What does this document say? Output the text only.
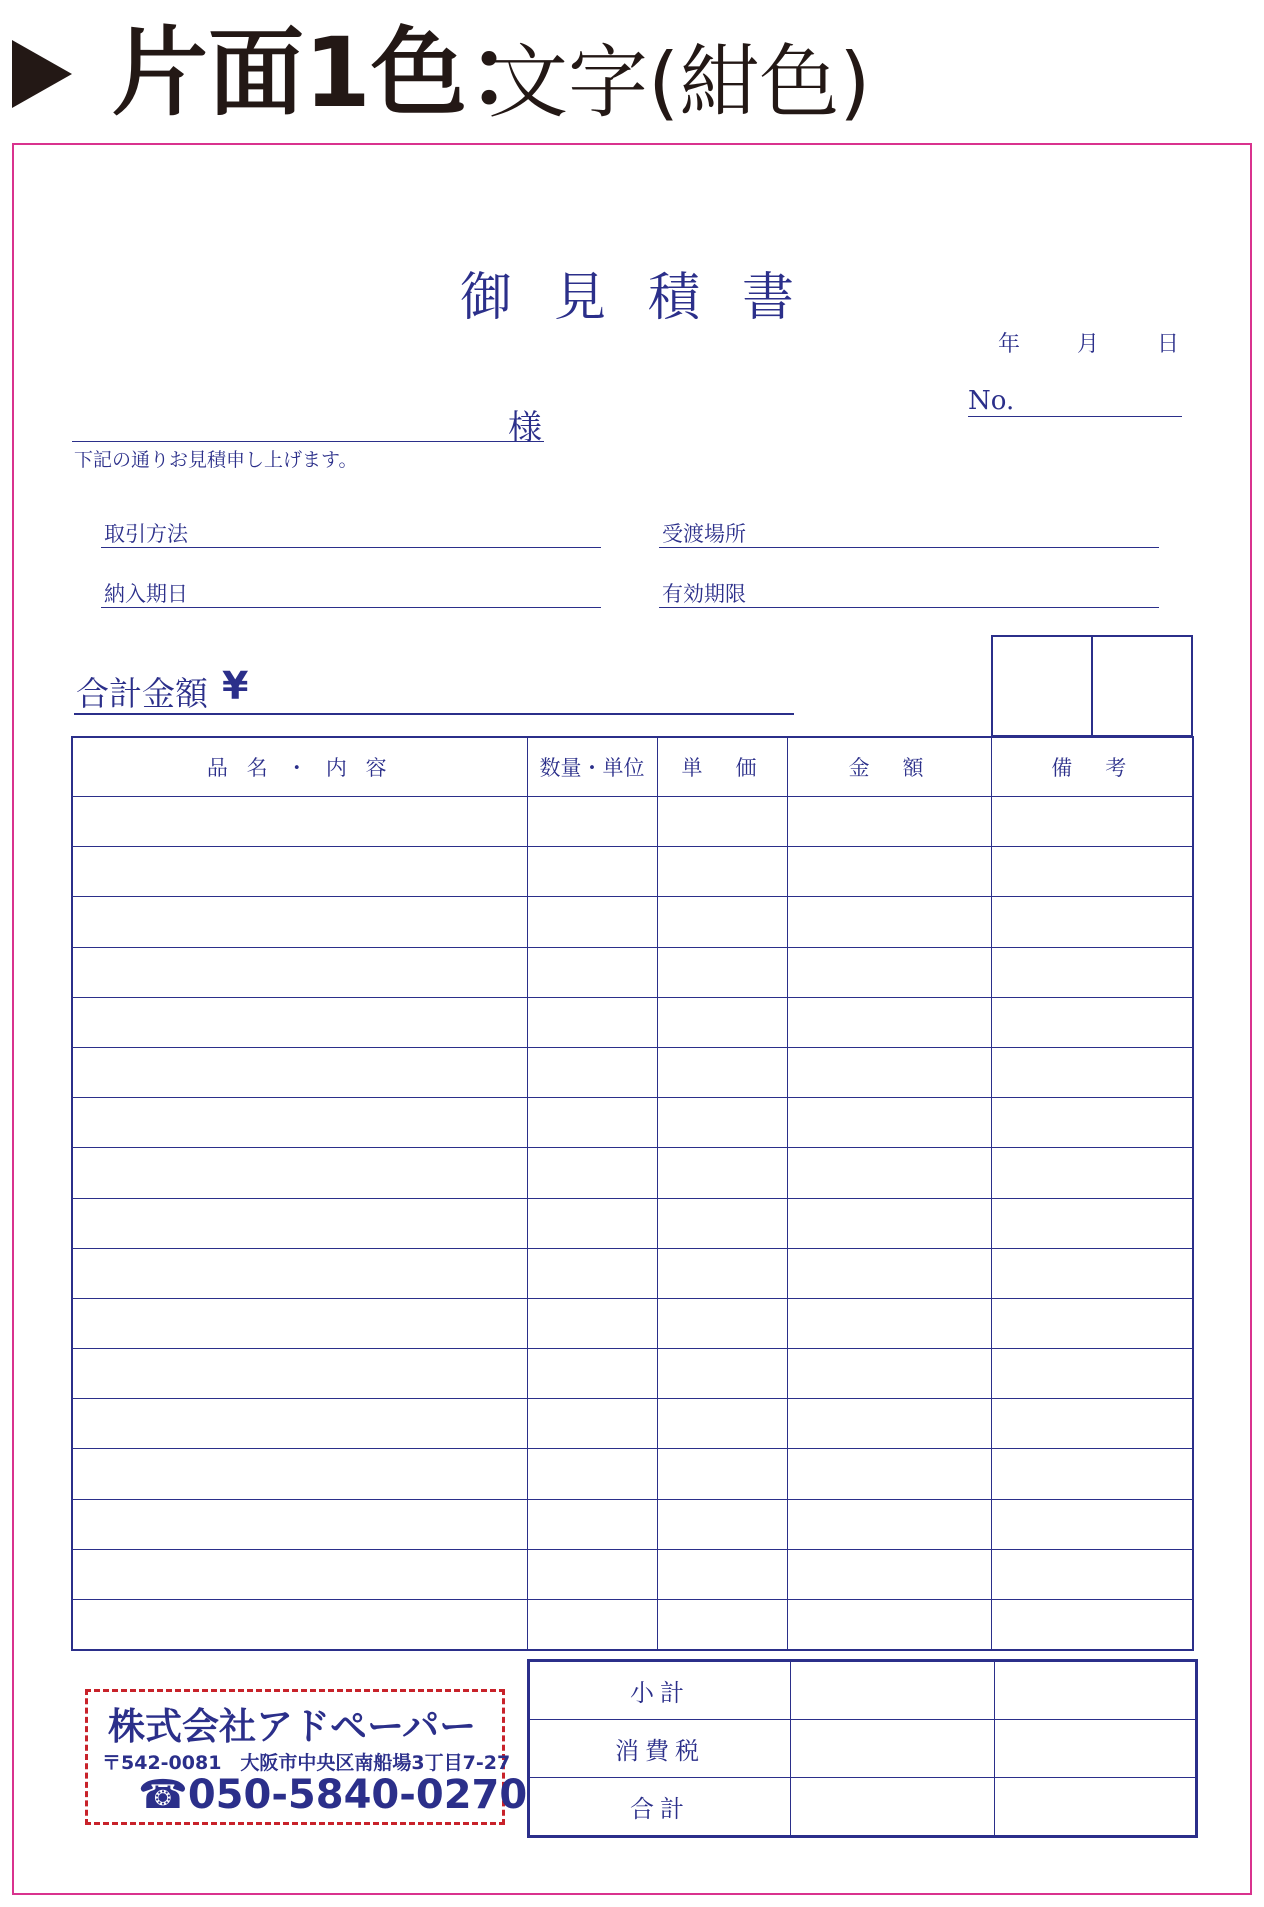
片面1色：
文字(紺色)
御見積書
年	月	日
No.
様
下記の通りお見積申し上げます。
取引方法	受渡場所
納入期日	有効期限
合計金額 ¥
品 名 ・ 内 容	数量・単位	単　価	金　額	備　考

株式会社アドペーパー
〒542-0081　大阪市中央区南船場3丁目7-27
☎050-5840-0270
小計		
消費税		
合計		
